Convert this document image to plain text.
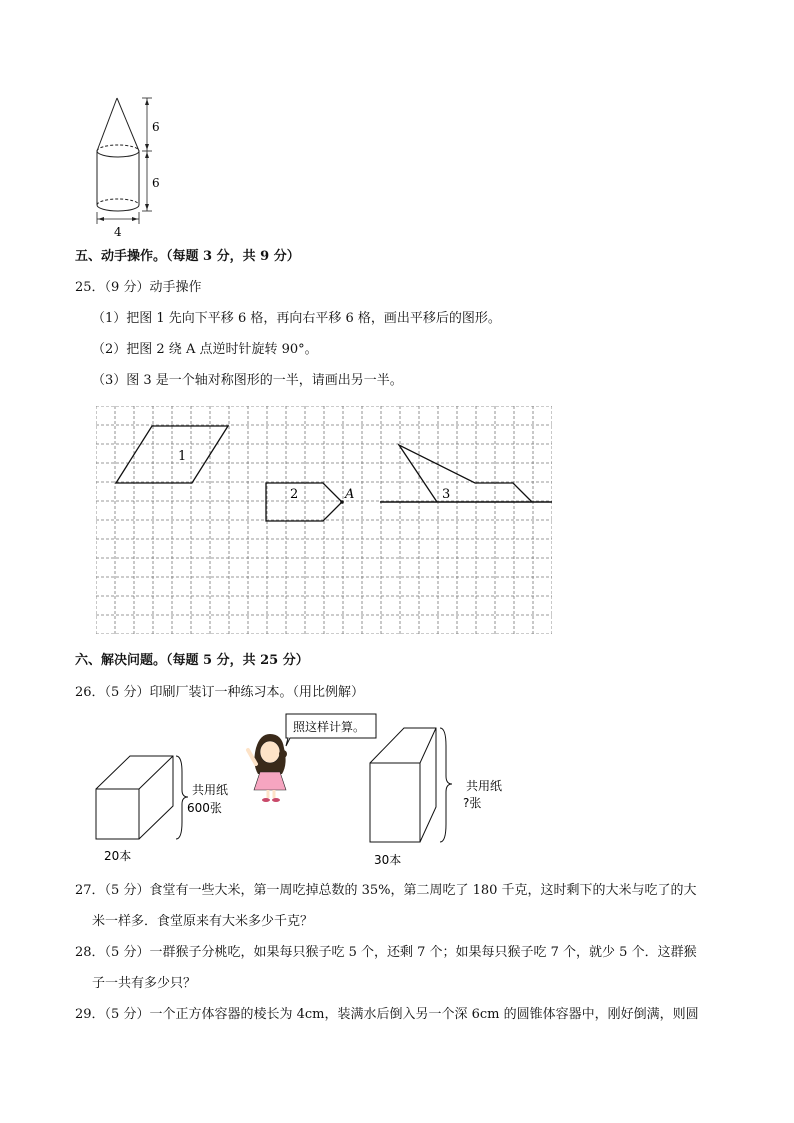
6
6
4
五、动手操作。（每题 3 分，共 9 分）
25．（9 分）动手操作
（1）把图 1 先向下平移 6 格，再向右平移 6 格，画出平移后的图形。
（2）把图 2 绕 A 点逆时针旋转 90°。
（3）图 3 是一个轴对称图形的一半，请画出另一半。
1
2	A	3
六、解决问题。（每题 5 分，共 25 分）
26．（5 分）印刷厂装订一种练习本。（用比例解）
共用纸
600张
20本
照这样计算。
共用纸
?张
30本
27．（5 分）食堂有一些大米，第一周吃掉总数的 35%，第二周吃了 180 千克，这时剩下的大米与吃了的大
米一样多．食堂原来有大米多少千克？
28．（5 分）一群猴子分桃吃，如果每只猴子吃 5 个，还剩 7 个；如果每只猴子吃 7 个，就少 5 个．这群猴
子一共有多少只？
29．（5 分）一个正方体容器的棱长为 4cm，装满水后倒入另一个深 6cm 的圆锥体容器中，刚好倒满，则圆
